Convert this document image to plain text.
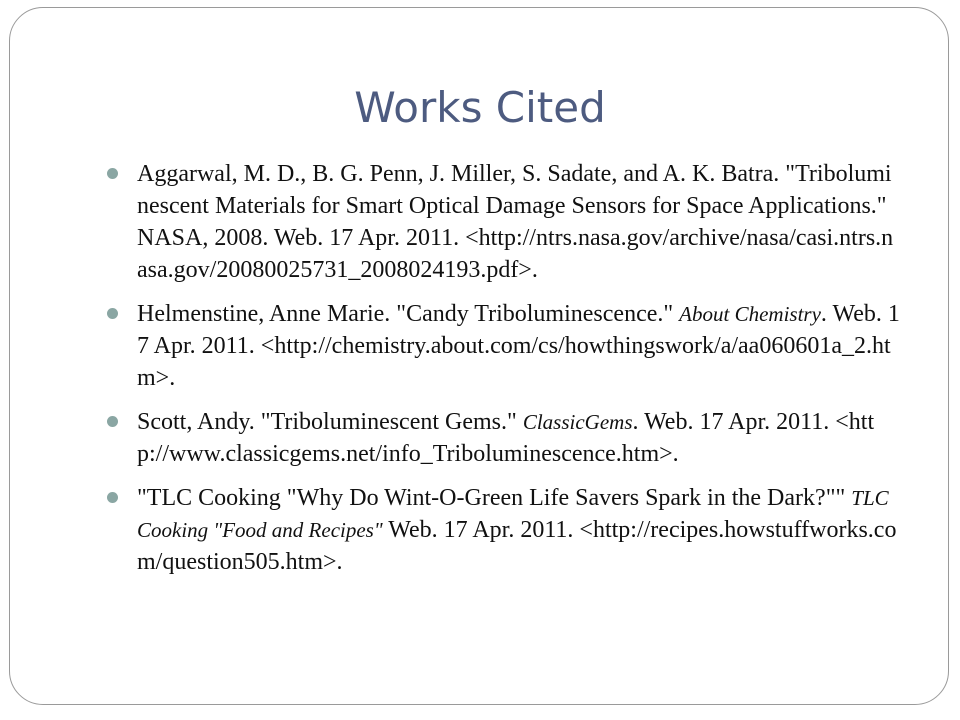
Works Cited
Aggarwal, M. D., B. G. Penn, J. Miller, S. Sadate, and A. K. Batra. "Triboluminescent Materials for Smart Optical Damage Sensors for Space Applications." NASA, 2008. Web. 17 Apr. 2011. <http://ntrs.nasa.gov/archive/nasa/casi.ntrs.nasa.gov/20080025731_2008024193.pdf>.
Helmenstine, Anne Marie. "Candy Triboluminescence." About Chemistry. Web. 17 Apr. 2011. <http://chemistry.about.com/cs/howthingswork/a/aa060601a_2.htm>.
Scott, Andy. "Triboluminescent Gems." ClassicGems. Web. 17 Apr. 2011. <http://www.classicgems.net/info_Triboluminescence.htm>.
"TLC Cooking "Why Do Wint-O-Green Life Savers Spark in the Dark?"" TLC Cooking "Food and Recipes" Web. 17 Apr. 2011. <http://recipes.howstuffworks.com/question505.htm>.
